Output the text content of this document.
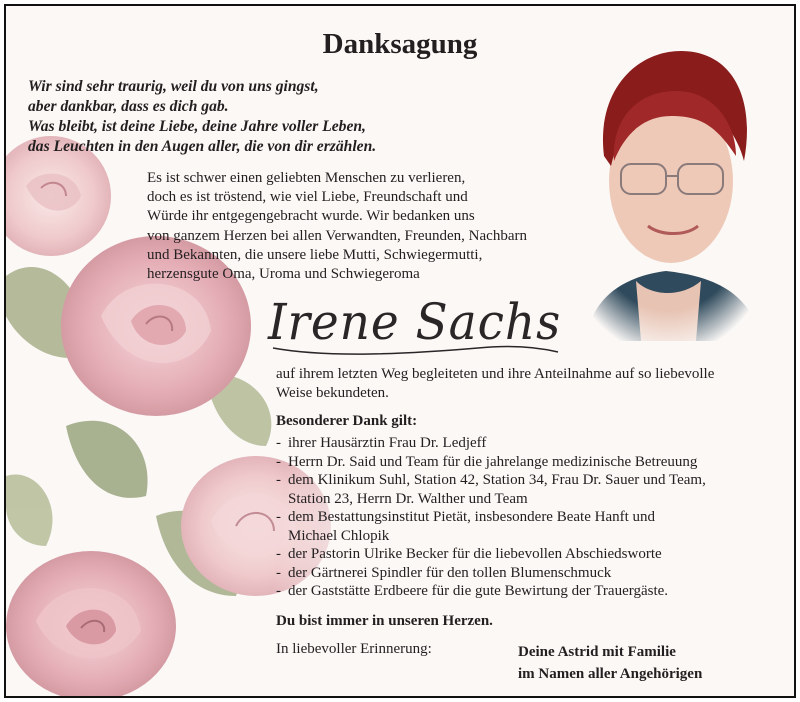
Danksagung
Wir sind sehr traurig, weil du von uns gingst,
aber dankbar, dass es dich gab.
Was bleibt, ist deine Liebe, deine Jahre voller Leben,
das Leuchten in den Augen aller, die von dir erzählen.
Es ist schwer einen geliebten Menschen zu verlieren,
doch es ist tröstend, wie viel Liebe, Freundschaft und
Würde ihr entgegengebracht wurde. Wir bedanken uns
von ganzem Herzen bei allen Verwandten, Freunden, Nachbarn
und Bekannten, die unsere liebe Mutti, Schwiegermutti,
herzensgute Oma, Uroma und Schwiegeroma
Irene Sachs
auf ihrem letzten Weg begleiteten und ihre Anteilnahme auf so liebevolle
Weise bekundeten.
Besonderer Dank gilt:
- ihrer Hausärztin Frau Dr. Ledjeff
- Herrn Dr. Said und Team für die jahrelange medizinische Betreuung
- dem Klinikum Suhl, Station 42, Station 34, Frau Dr. Sauer und Team,
Station 23, Herrn Dr. Walther und Team
- dem Bestattungsinstitut Pietät, insbesondere Beate Hanft und
Michael Chlopik
- der Pastorin Ulrike Becker für die liebevollen Abschiedsworte
- der Gärtnerei Spindler für den tollen Blumenschmuck
- der Gaststätte Erdbeere für die gute Bewirtung der Trauergäste.
Du bist immer in unseren Herzen.
In liebevoller Erinnerung:	Deine Astrid mit Familie
im Namen aller Angehörigen
